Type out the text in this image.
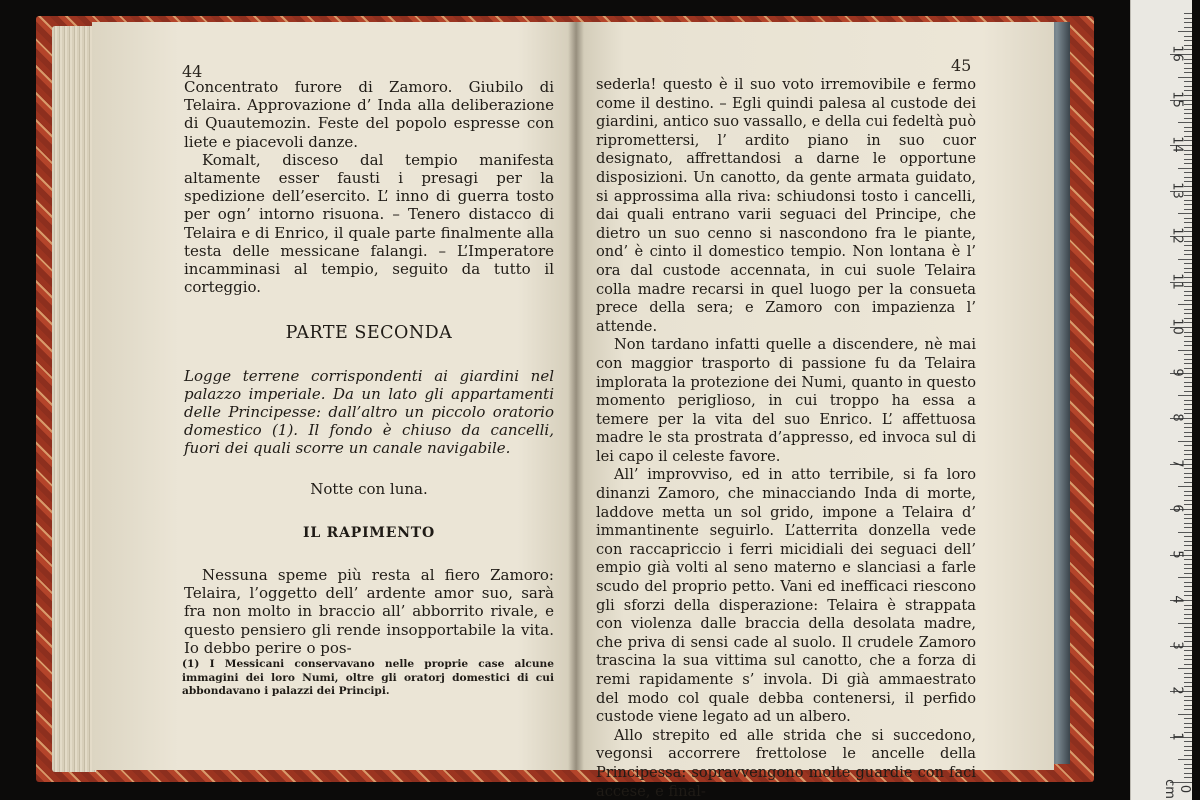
44

Concentrato furore di Zamoro. Giubilo di Telaira. Approvazione d’ Inda alla deliberazione di Quautemozin. Feste del popolo espresse con liete e piacevoli danze.

Komalt, disceso dal tempio manifesta altamente esser fausti i presagi per la spedizione dell’esercito. L’ inno di guerra tosto per ogn’ intorno risuona. – Tenero distacco di Telaira e di Enrico, il quale parte finalmente alla testa delle messicane falangi. – L’Imperatore incamminasi al tempio, seguito da tutto il corteggio.

PARTE SECONDA

Logge terrene corrispondenti ai giardini nel palazzo imperiale. Da un lato gli appartamenti delle Principesse: dall’altro un piccolo oratorio domestico (1). Il fondo è chiuso da cancelli, fuori dei quali scorre un canale navigabile.

Notte con luna.

IL RAPIMENTO

Nessuna speme più resta al fiero Zamoro: Telaira, l’oggetto dell’ ardente amor suo, sarà fra non molto in braccio all’ abborrito rivale, e questo pensiero gli rende insopportabile la vita. Io debbo perire o pos-

(1) I Messicani conservavano nelle proprie case alcune immagini dei loro Numi, oltre gli oratorj domestici di cui abbondavano i palazzi dei Principi.
45

sederla! questo è il suo voto irremovibile e fermo come il destino. – Egli quindi palesa al custode dei giardini, antico suo vassallo, e della cui fedeltà può ripromettersi, l’ ardito piano in suo cuor designato, affrettandosi a darne le opportune disposizioni. Un canotto, da gente armata guidato, si approssima alla riva: schiudonsi tosto i cancelli, dai quali entrano varii seguaci del Principe, che dietro un suo cenno si nascondono fra le piante, ond’ è cinto il domestico tempio. Non lontana è l’ ora dal custode accennata, in cui suole Telaira colla madre recarsi in quel luogo per la consueta prece della sera; e Zamoro con impazienza l’ attende.

Non tardano infatti quelle a discendere, nè mai con maggior trasporto di passione fu da Telaira implorata la protezione dei Numi, quanto in questo momento periglioso, in cui troppo ha essa a temere per la vita del suo Enrico. L’ affettuosa madre le sta prostrata d’appresso, ed invoca sul di lei capo il celeste favore.

All’ improvviso, ed in atto terribile, si fa loro dinanzi Zamoro, che minacciando Inda di morte, laddove metta un sol grido, impone a Telaira d’ immantinente seguirlo. L’atterrita donzella vede con raccapriccio i ferri micidiali dei seguaci dell’ empio già volti al seno materno e slanciasi a farle scudo del proprio petto. Vani ed inefficaci riescono gli sforzi della disperazione: Telaira è strappata con violenza dalle braccia della desolata madre, che priva di sensi cade al suolo. Il crudele Zamoro trascina la sua vittima sul canotto, che a forza di remi rapidamente s’ invola. Di già ammaestrato del modo col quale debba contenersi, il perfido custode viene legato ad un albero.

Allo strepito ed alle strida che si succedono, vegonsi accorrere frettolose le ancelle della Principessa: sopravvengono molte guardie con faci accese, e final-	0 cm
1
2
3
4
5
6
7
8
9
10
11
12
13
14
15
16
